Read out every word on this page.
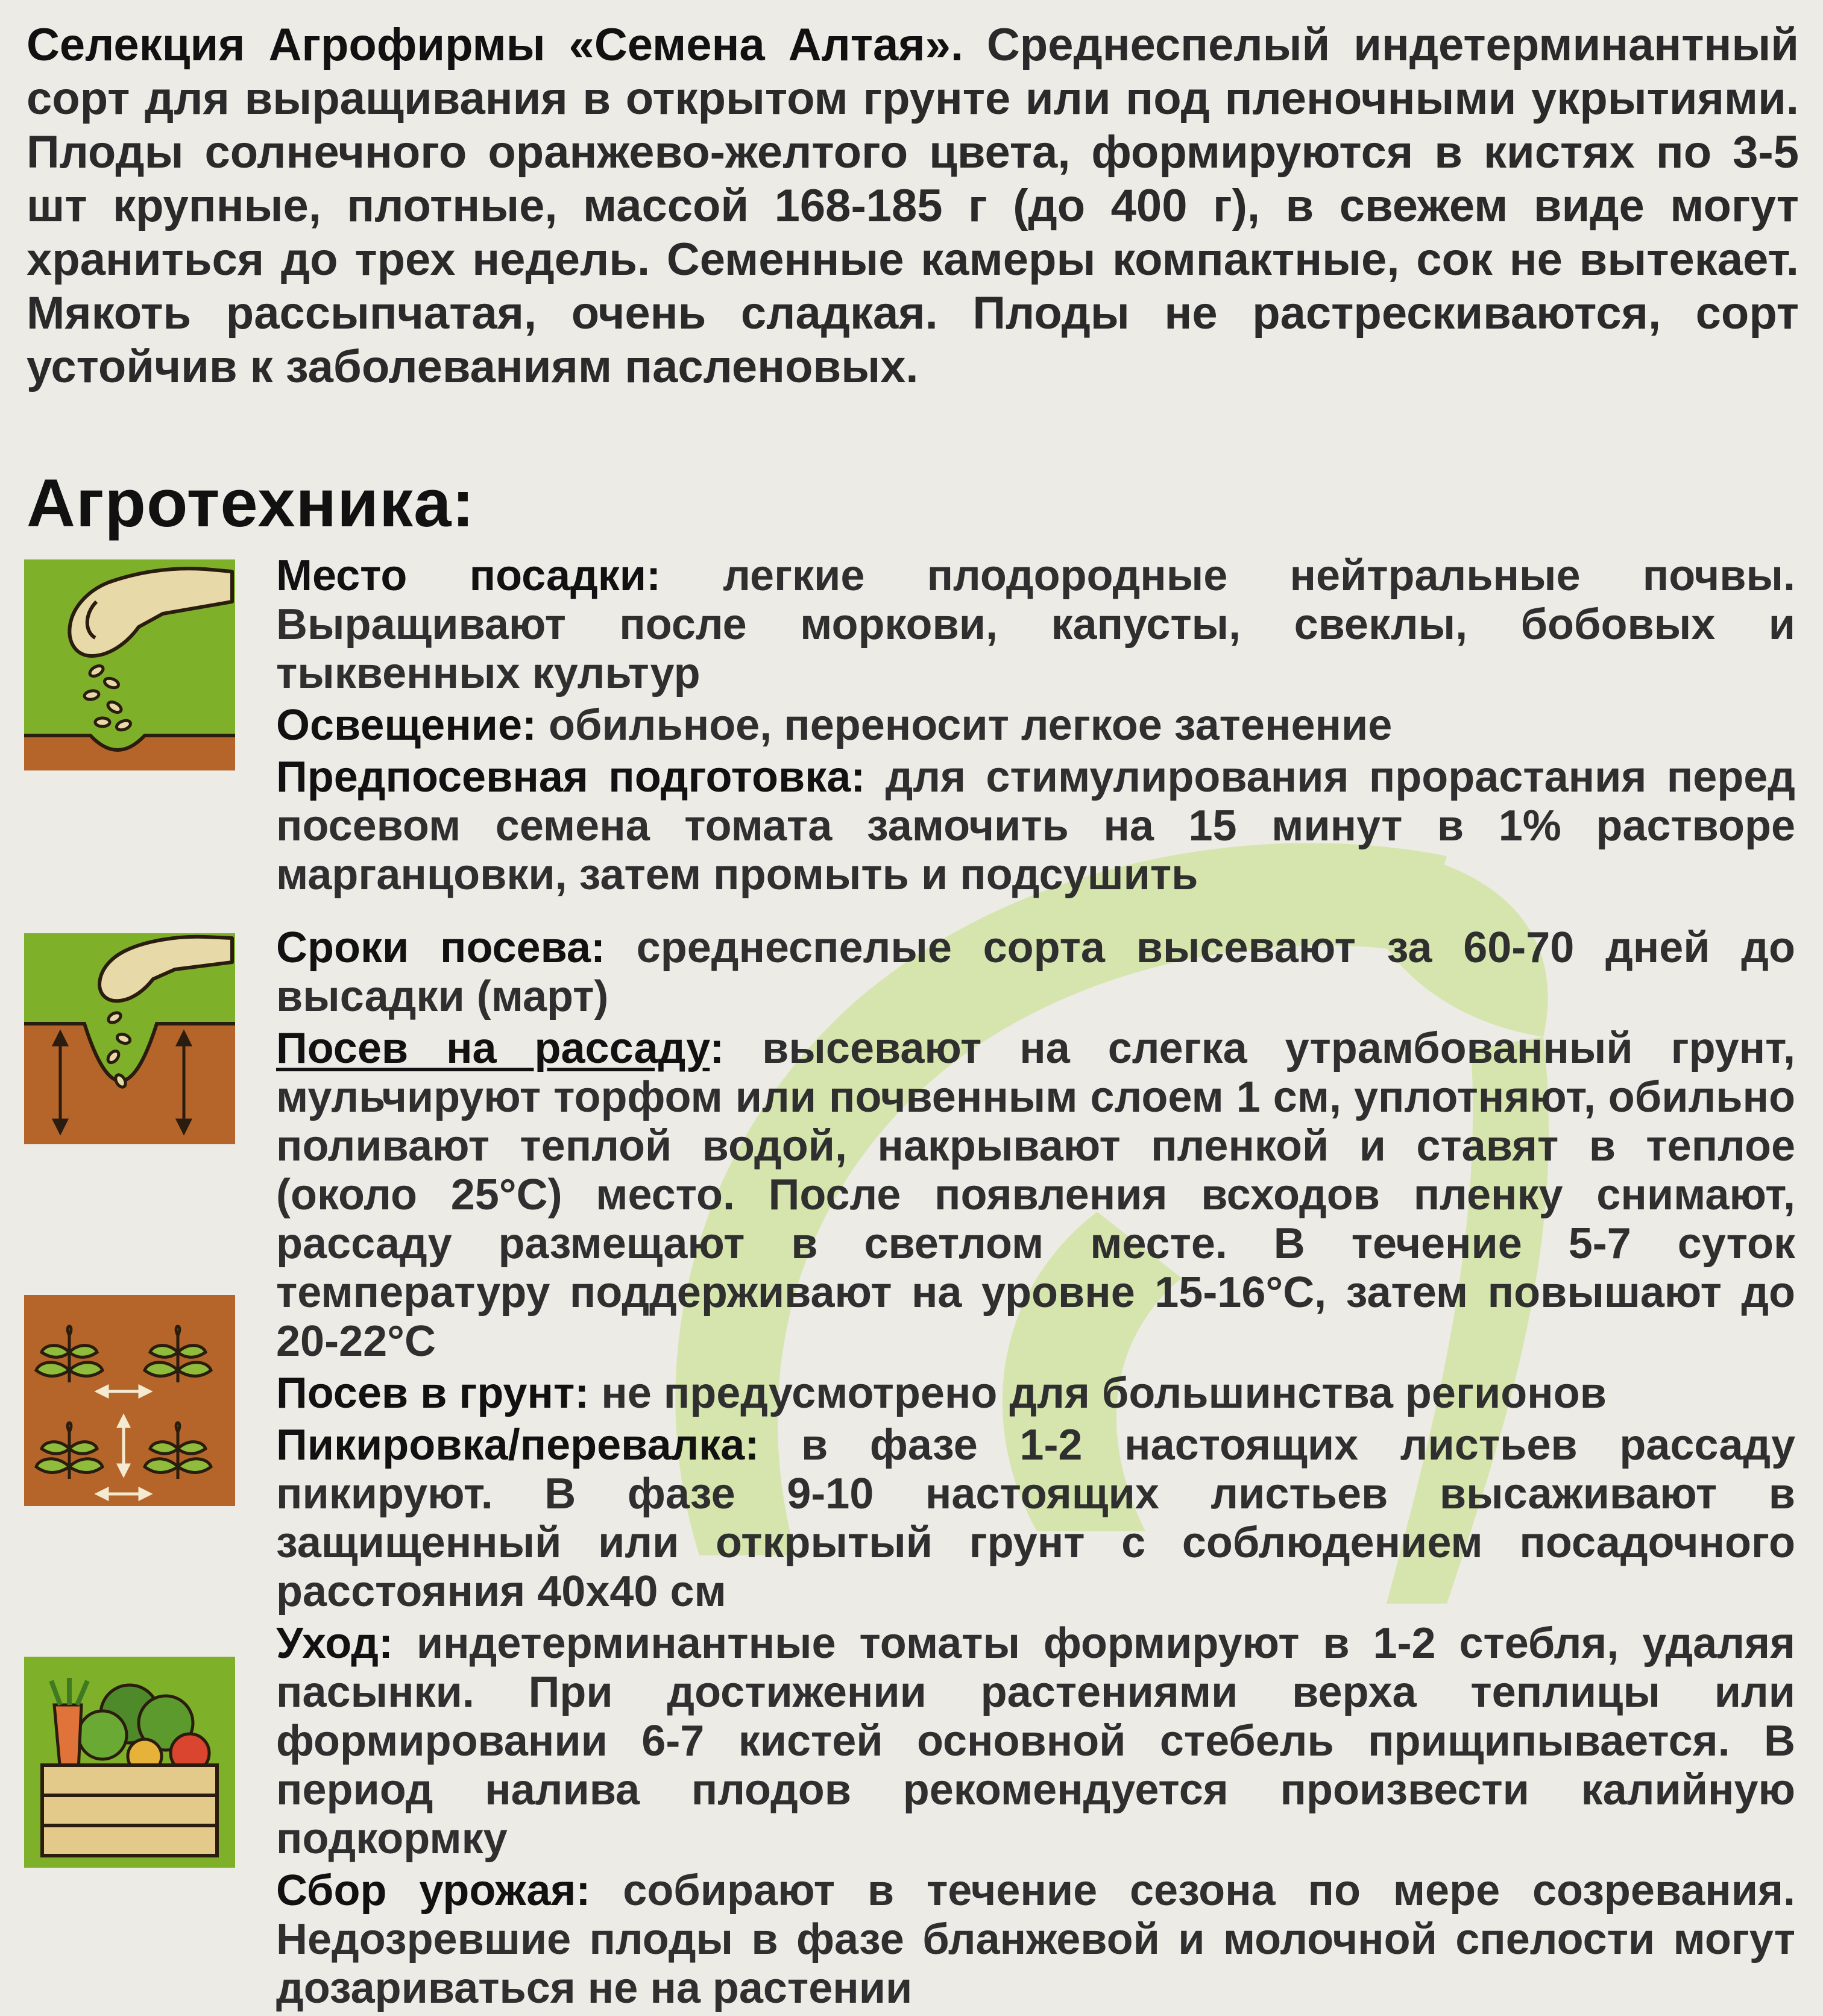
Селекция Агрофирмы «Семена Алтая». Среднеспелый индетерминантный сорт для выращивания в открытом грунте или под пленочными укрытиями. Плоды солнечного оранжево-желтого цвета, формируются в кистях по 3-5 шт крупные, плотные, массой 168-185 г (до 400 г), в свежем виде могут храниться до трех недель. Семенные камеры компактные, сок не вытекает. Мякоть рассыпчатая, очень сладкая. Плоды не растрескиваются, сорт устойчив к заболеваниям пасленовых.
Агротехника:

Место посадки: легкие плодородные нейтральные почвы. Выращивают после моркови, капусты, свеклы, бобовых и тыквенных культур

Освещение: обильное, переносит легкое затенение

Предпосевная подготовка: для стимулирования прорастания перед посевом семена томата замочить на 15 минут в 1% растворе марганцовки, затем промыть и подсушить

Сроки посева: среднеспелые сорта высевают за 60-70 дней до высадки (март)

Посев на рассаду: высевают на слегка утрамбованный грунт, мульчируют торфом или почвенным слоем 1 см, уплотняют, обильно поливают теплой водой, накрывают пленкой и ставят в теплое (около 25°С) место. После появления всходов пленку снимают, рассаду размещают в светлом месте. В течение 5-7 суток температуру поддерживают на уровне 15-16°С, затем повышают до 20-22°С

Посев в грунт: не предусмотрено для большинства регионов

Пикировка/перевалка: в фазе 1-2 настоящих листьев рассаду пикируют. В фазе 9-10 настоящих листьев высаживают в защищенный или открытый грунт с соблюдением посадочного расстояния 40х40 см

Уход: индетерминантные томаты формируют в 1-2 стебля, удаляя пасынки. При достижении растениями верха теплицы или формировании 6-7 кистей основной стебель прищипывается. В период налива плодов рекомендуется произвести калийную подкормку

Сбор урожая: собирают в течение сезона по мере созревания. Недозревшие плоды в фазе бланжевой и молочной спелости могут дозариваться не на растении
